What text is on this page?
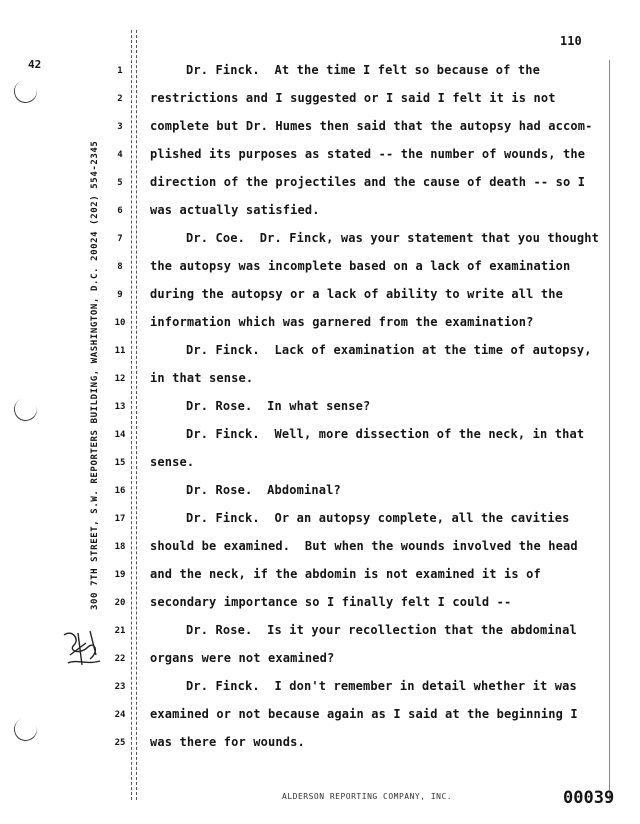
110
42
300 7TH STREET, S.W. REPORTERS BUILDING, WASHINGTON, D.C. 20024 (202) 554-2345
1	Dr. Finck.  At the time I felt so because of the
2	restrictions and I suggested or I said I felt it is not
3	complete but Dr. Humes then said that the autopsy had accom-
4	plished its purposes as stated -- the number of wounds, the
5	direction of the projectiles and the cause of death -- so I
6	was actually satisfied.
7	Dr. Coe.  Dr. Finck, was your statement that you thought
8	the autopsy was incomplete based on a lack of examination
9	during the autopsy or a lack of ability to write all the
10 information which was garnered from the examination?
11	Dr. Finck.  Lack of examination at the time of autopsy,
12 in that sense.
13	Dr. Rose.  In what sense?
14	Dr. Finck.  Well, more dissection of the neck, in that
15 sense.
16	Dr. Rose.  Abdominal?
17	Dr. Finck.  Or an autopsy complete, all the cavities
18 should be examined.  But when the wounds involved the head
19 and the neck, if the abdomin is not examined it is of
20 secondary importance so I finally felt I could --
21	Dr. Rose.  Is it your recollection that the abdominal
22 organs were not examined?
23	Dr. Finck.  I don't remember in detail whether it was
24 examined or not because again as I said at the beginning I
25 was there for wounds.
ALDERSON REPORTING COMPANY, INC.	00039
